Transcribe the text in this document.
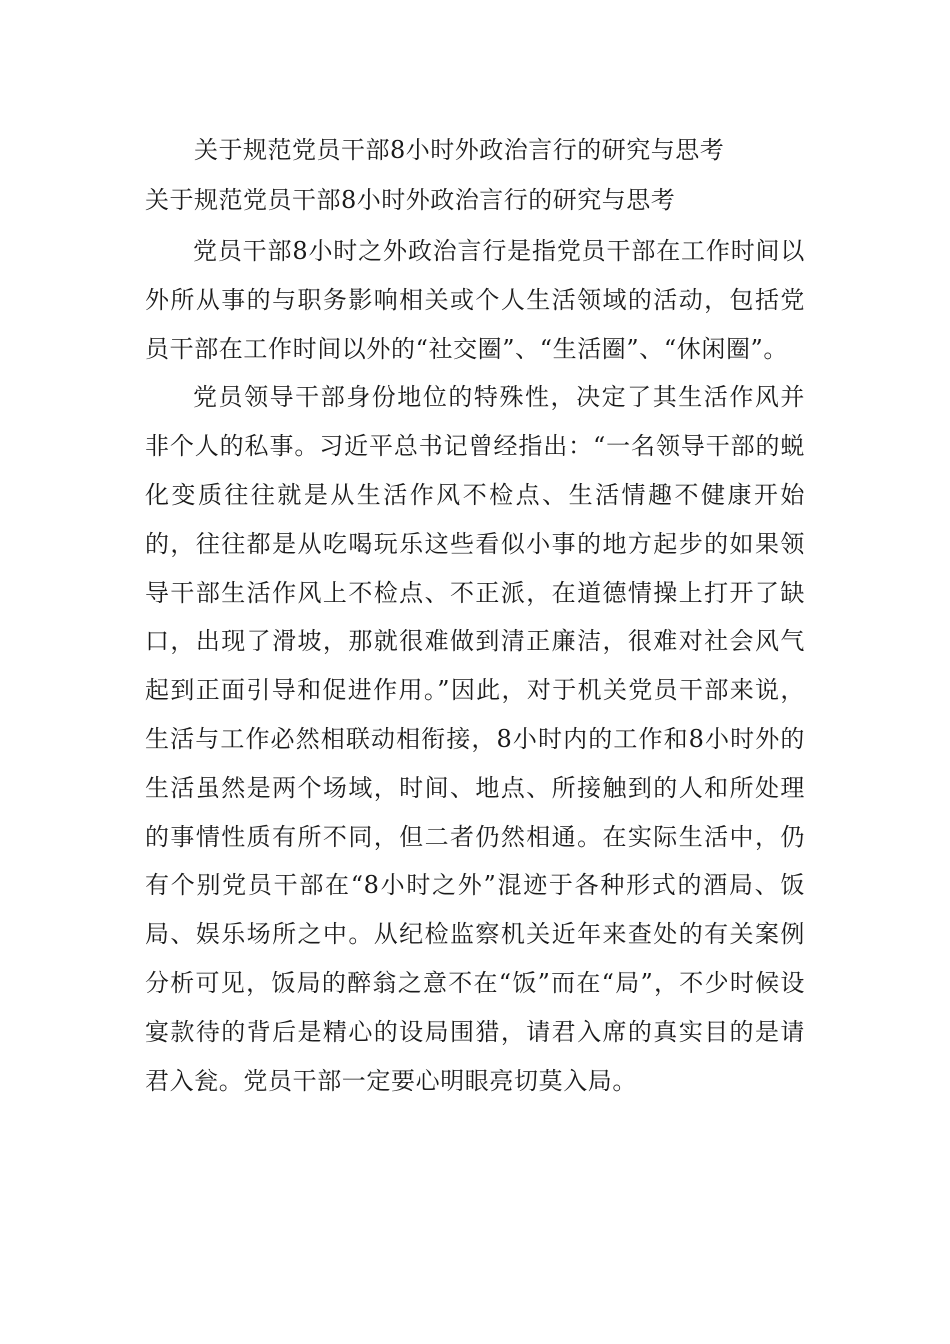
关于规范党员干部8小时外政治言行的研究与思考
关于规范党员干部8小时外政治言行的研究与思考

党员干部8小时之外政治言行是指党员干部在工作时间以外所从事的与职务影响相关或个人生活领域的活动，包括党员干部在工作时间以外的“社交圈”、“生活圈”、“休闲圈”。

党员领导干部身份地位的特殊性，决定了其生活作风并非个人的私事。习近平总书记曾经指出：“一名领导干部的蜕化变质往往就是从生活作风不检点、生活情趣不健康开始的，往往都是从吃喝玩乐这些看似小事的地方起步的如果领导干部生活作风上不检点、不正派，在道德情操上打开了缺口，出现了滑坡，那就很难做到清正廉洁，很难对社会风气起到正面引导和促进作用。”因此，对于机关党员干部来说，生活与工作必然相联动相衔接，8小时内的工作和8小时外的生活虽然是两个场域，时间、地点、所接触到的人和所处理的事情性质有所不同，但二者仍然相通。在实际生活中，仍有个别党员干部在“8小时之外”混迹于各种形式的酒局、饭局、娱乐场所之中。从纪检监察机关近年来查处的有关案例分析可见，饭局的醉翁之意不在“饭”而在“局”，不少时候设宴款待的背后是精心的设局围猎，请君入席的真实目的是请君入瓮。党员干部一定要心明眼亮切莫入局。
